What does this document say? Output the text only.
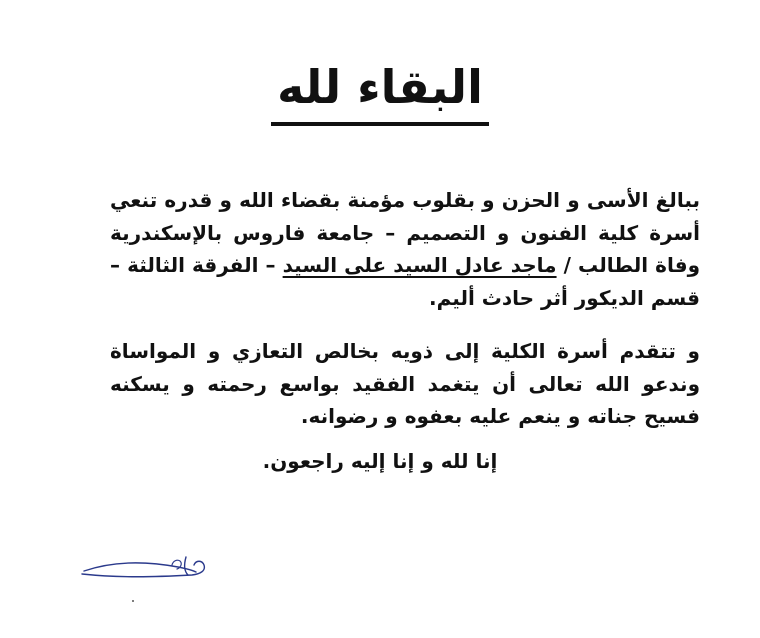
البقاء لله
ببالغ الأسى و الحزن و بقلوب مؤمنة بقضاء الله و قدره تنعي أسرة كلية الفنون و التصميم – جامعة فاروس بالإسكندرية وفاة الطالب / ماجد عادل السيد على السيد – الفرقة الثالثة – قسم الديكور أثر حادث أليم.
و تتقدم أسرة الكلية إلى ذويه بخالص التعازي و المواساة وندعو الله تعالى أن يتغمد الفقيد بواسع رحمته و يسكنه فسيح جناته و ينعم عليه بعفوه و رضوانه.
إنا لله و إنا إليه راجعون.
